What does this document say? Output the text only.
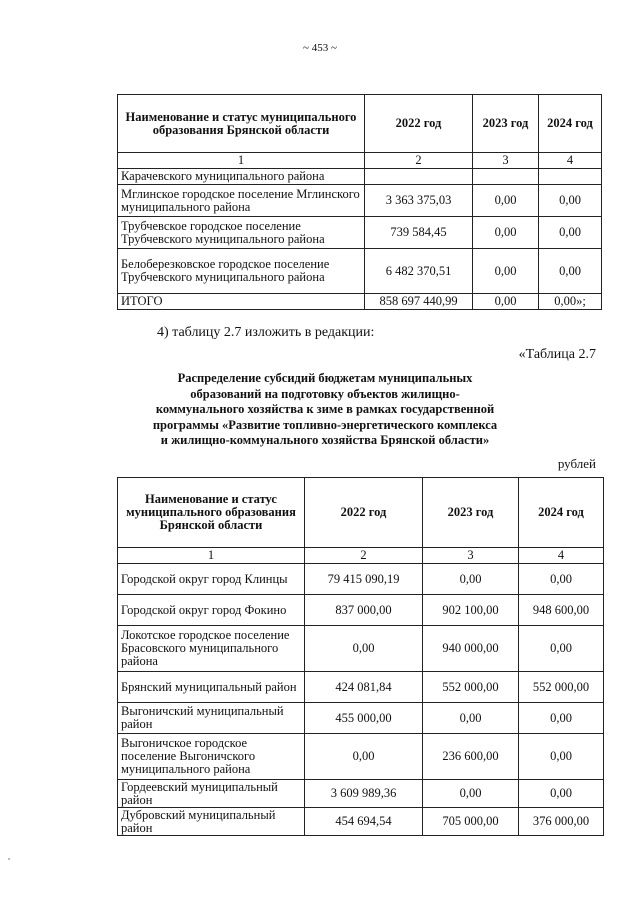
~ 453 ~
Наименование и статус муниципального образования Брянской области	2022 год	2023 год	2024 год
1	2	3	4
Карачевского муниципального района			
Мглинское городское поселение Мглинского муниципального района	3 363 375,03	0,00	0,00
Трубчевское городское поселение Трубчевского муниципального района	739 584,45	0,00	0,00
Белоберезковское городское поселение Трубчевского муниципального района	6 482 370,51	0,00	0,00
ИТОГО	858 697 440,99	0,00	0,00»;
4) таблицу 2.7 изложить в редакции:
«Таблица 2.7
Распределение субсидий бюджетам муниципальных образований на подготовку объектов жилищно-коммунального хозяйства к зиме в рамках государственной программы «Развитие топливно-энергетического комплекса и жилищно-коммунального хозяйства Брянской области»
рублей
Наименование и статус муниципального образования Брянской области	2022 год	2023 год	2024 год
1	2	3	4
Городской округ город Клинцы	79 415 090,19	0,00	0,00
Городской округ город Фокино	837 000,00	902 100,00	948 600,00
Локотское городское поселение Брасовского муниципального района	0,00	940 000,00	0,00
Брянский муниципальный район	424 081,84	552 000,00	552 000,00
Выгоничский муниципальный район	455 000,00	0,00	0,00
Выгоничское городское поселение Выгоничского муниципального района	0,00	236 600,00	0,00
Гордеевский муниципальный район	3 609 989,36	0,00	0,00
Дубровский муниципальный район	454 694,54	705 000,00	376 000,00
